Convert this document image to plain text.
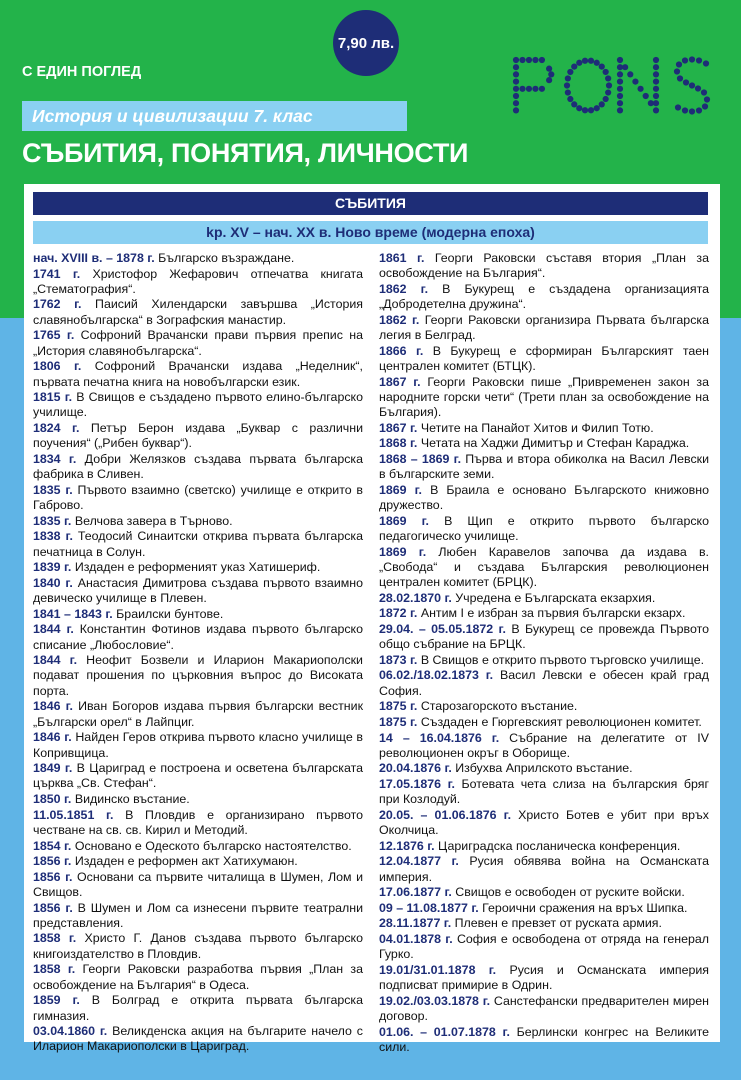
7,90 лв.
С ЕДИН ПОГЛЕД
История и цивилизации 7. клас
СЪБИТИЯ, ПОНЯТИЯ, ЛИЧНОСТИ
СЪБИТИЯ
kp. XV – нач. XX в. Ново време (модерна епоха)
нач. XVIII в. – 1878 г. Българско възраждане.
1741 г. Христофор Жефарович отпечатва книгата „Стематография“.
1762 г. Паисий Хилендарски завършва „История славянобългарска“ в Зографския манастир.
1765 г. Софроний Врачански прави първия препис на „История славянобългарска“.
1806 г. Софроний Врачански издава „Неделник“, първата печатна книга на новобългарски език.
1815 г. В Свищов е създадено първото елино-българско училище.
1824 г. Петър Берон издава „Буквар с различни поучения“ („Рибен буквар“).
1834 г. Добри Желязков създава първата българска фабрика в Сливен.
1835 г. Първото взаимно (светско) училище е открито в Габрово.
1835 г. Велчова завера в Търново.
1838 г. Теодосий Синаитски открива първата българска печатница в Солун.
1839 г. Издаден е реформеният указ Хатишериф.
1840 г. Анастасия Димитрова създава първото взаимно девическо училище в Плевен.
1841 – 1843 г. Браилски бунтове.
1844 г. Константин Фотинов издава първото българско списание „Любословие“.
1844 г. Неофит Бозвели и Иларион Макариополски подават прошения по църковния въпрос до Високата порта.
1846 г. Иван Богоров издава първия български вестник „Български орел“ в Лайпциг.
1846 г. Найден Геров открива първото класно училище в Копривщица.
1849 г. В Цариград е построена и осветена българската църква „Св. Стефан“.
1850 г. Видинско въстание.
11.05.1851 г. В Пловдив е организирано първото честване на св. св. Кирил и Методий.
1854 г. Основано е Одеското българско настоятелство.
1856 г. Издаден е реформен акт Хатихумаюн.
1856 г. Основани са първите читалища в Шумен, Лом и Свищов.
1856 г. В Шумен и Лом са изнесени първите театрални представления.
1858 г. Христо Г. Данов създава първото българско книгоиздателство в Пловдив.
1858 г. Георги Раковски разработва първия „План за освобождение на България“ в Одеса.
1859 г. В Болград е открита първата българска гимназия.
03.04.1860 г. Великденска акция на българите начело с Иларион Макариополски в Цариград.
1861 г. Георги Раковски съставя втория „План за освобождение на България“.
1862 г. В Букурещ е създадена организацията „Добродетелна дружина“.
1862 г. Георги Раковски организира Първата българска легия в Белград.
1866 г. В Букурещ е сформиран Българският таен централен комитет (БТЦК).
1867 г. Георги Раковски пише „Привременен закон за народните горски чети“ (Трети план за освобождение на България).
1867 г. Четите на Панайот Хитов и Филип Тотю.
1868 г. Четата на Хаджи Димитър и Стефан Караджа.
1868 – 1869 г. Първа и втора обиколка на Васил Левски в българските земи.
1869 г. В Браила е основано Българското книжовно дружество.
1869 г. В Щип е открито първото българско педагогическо училище.
1869 г. Любен Каравелов започва да издава в. „Свобода“ и създава Българския революционен централен комитет (БРЦК).
28.02.1870 г. Учредена е Българската екзархия.
1872 г. Антим I е избран за първия български екзарх.
29.04. – 05.05.1872 г. В Букурещ се провежда Първото общо събрание на БРЦК.
1873 г. В Свищов е открито първото търговско училище.
06.02./18.02.1873 г. Васил Левски е обесен край град София.
1875 г. Старозагорското въстание.
1875 г. Създаден е Гюргевският революционен комитет.
14 – 16.04.1876 г. Събрание на делегатите от IV революционен окръг в Оборище.
20.04.1876 г. Избухва Априлското въстание.
17.05.1876 г. Ботевата чета слиза на българския бряг при Козлодуй.
20.05. – 01.06.1876 г. Христо Ботев е убит при връх Околчица.
12.1876 г. Цариградска посланическа конференция.
12.04.1877 г. Русия обявява война на Османската империя.
17.06.1877 г. Свищов е освободен от руските войски.
09 – 11.08.1877 г. Героични сражения на връх Шипка.
28.11.1877 г. Плевен е превзет от руската армия.
04.01.1878 г. София е освободена от отряда на генерал Гурко.
19.01/31.01.1878 г. Русия и Османската империя подписват примирие в Одрин.
19.02./03.03.1878 г. Санстефански предварителен мирен договор.
01.06. – 01.07.1878 г. Берлински конгрес на Великите сили.
